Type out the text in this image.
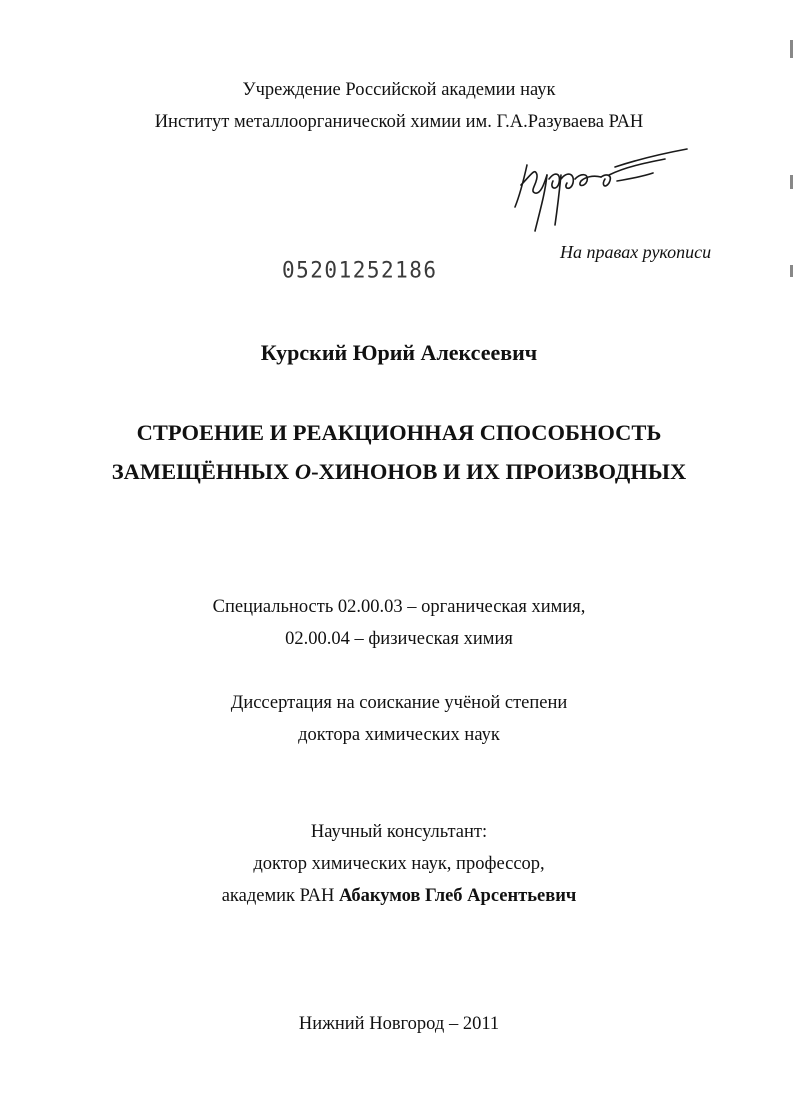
Учреждение Российской академии наук
Институт металлоорганической химии им. Г.А.Разуваева РАН
На правах рукописи
05201252186
Курский Юрий Алексеевич
СТРОЕНИЕ И РЕАКЦИОННАЯ СПОСОБНОСТЬ
ЗАМЕЩЁННЫХ О-ХИНОНОВ И ИХ ПРОИЗВОДНЫХ
Специальность 02.00.03 – органическая химия,
02.00.04 – физическая химия
Диссертация на соискание учёной степени
доктора химических наук
Научный консультант:
доктор химических наук, профессор,
академик РАН Абакумов Глеб Арсентьевич
Нижний Новгород – 2011
